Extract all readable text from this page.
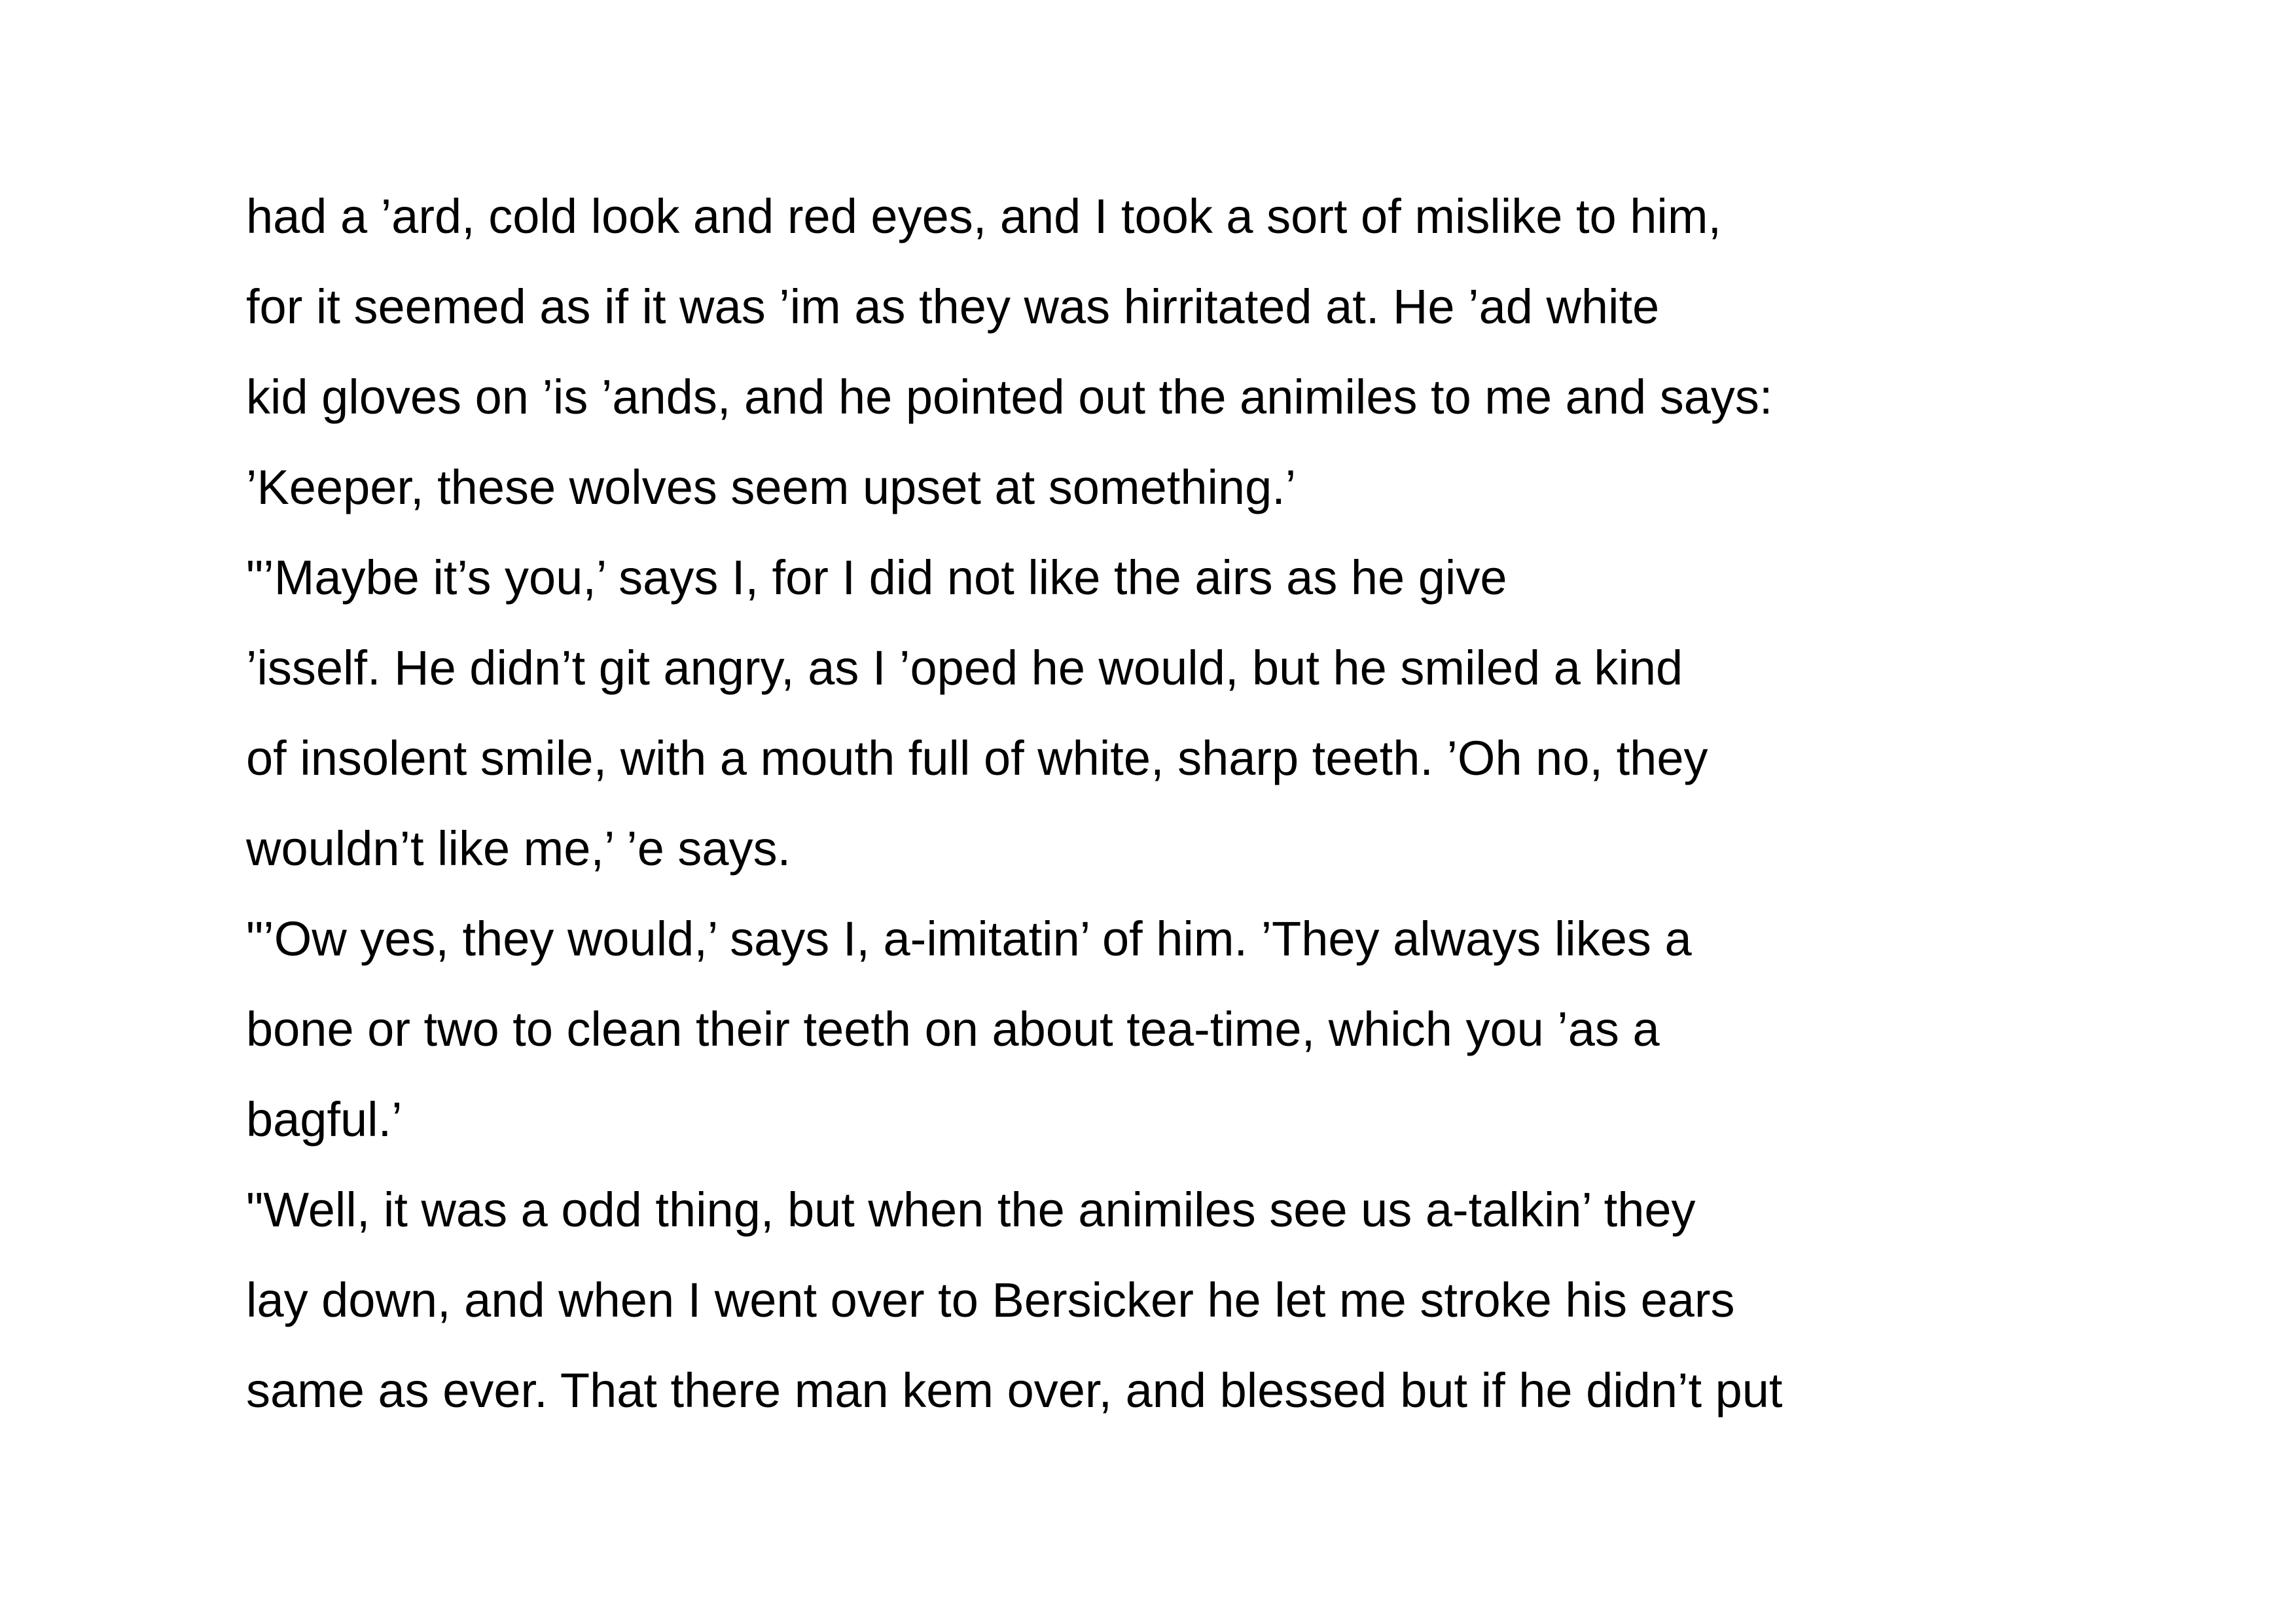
had a ’ard, cold look and red eyes, and I took a sort of mislike to him,
for it seemed as if it was ’im as they was hirritated at. He ’ad white
kid gloves on ’is ’ands, and he pointed out the animiles to me and says:
’Keeper, these wolves seem upset at something.’
"’Maybe it’s you,’ says I, for I did not like the airs as he give
’isself. He didn’t git angry, as I ’oped he would, but he smiled a kind
of insolent smile, with a mouth full of white, sharp teeth. ’Oh no, they
wouldn’t like me,’ ’e says.
"’Ow yes, they would,’ says I, a-imitatin’ of him. ’They always likes a
bone or two to clean their teeth on about tea-time, which you ’as a
bagful.’
"Well, it was a odd thing, but when the animiles see us a-talkin’ they
lay down, and when I went over to Bersicker he let me stroke his ears
same as ever. That there man kem over, and blessed but if he didn’t put
